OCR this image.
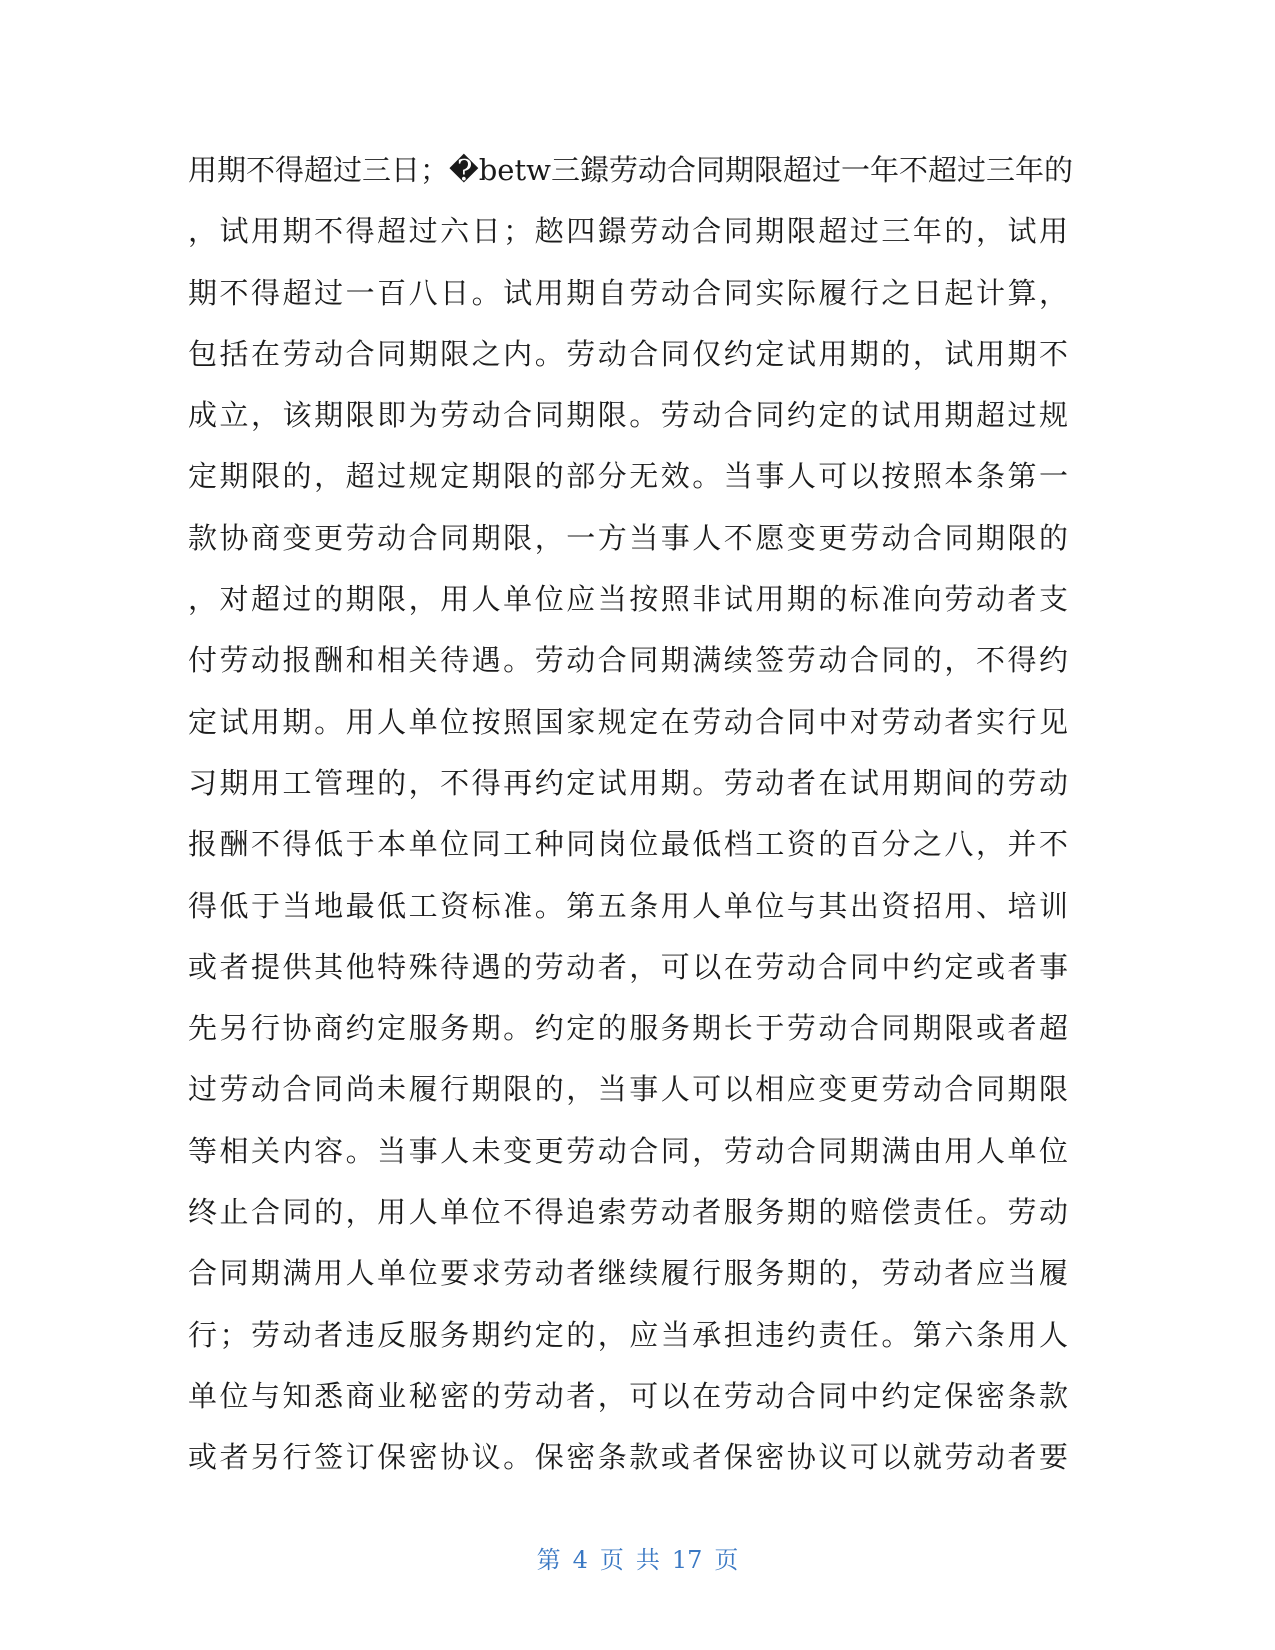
用期不得超过三日；�betw三鐛劳动合同期限超过一年不超过三年的
，试用期不得超过六日；趑四鐛劳动合同期限超过三年的，试用
期不得超过一百八日。试用期自劳动合同实际履行之日起计算，
包括在劳动合同期限之内。劳动合同仅约定试用期的，试用期不
成立，该期限即为劳动合同期限。劳动合同约定的试用期超过规
定期限的，超过规定期限的部分无效。当事人可以按照本条第一
款协商变更劳动合同期限，一方当事人不愿变更劳动合同期限的
，对超过的期限，用人单位应当按照非试用期的标准向劳动者支
付劳动报酬和相关待遇。劳动合同期满续签劳动合同的，不得约
定试用期。用人单位按照国家规定在劳动合同中对劳动者实行见
习期用工管理的，不得再约定试用期。劳动者在试用期间的劳动
报酬不得低于本单位同工种同岗位最低档工资的百分之八，并不
得低于当地最低工资标准。第五条用人单位与其出资招用、培训
或者提供其他特殊待遇的劳动者，可以在劳动合同中约定或者事
先另行协商约定服务期。约定的服务期长于劳动合同期限或者超
过劳动合同尚未履行期限的，当事人可以相应变更劳动合同期限
等相关内容。当事人未变更劳动合同，劳动合同期满由用人单位
终止合同的，用人单位不得追索劳动者服务期的赔偿责任。劳动
合同期满用人单位要求劳动者继续履行服务期的，劳动者应当履
行；劳动者违反服务期约定的，应当承担违约责任。第六条用人
单位与知悉商业秘密的劳动者，可以在劳动合同中约定保密条款
或者另行签订保密协议。保密条款或者保密协议可以就劳动者要
第 4 页 共 17 页
